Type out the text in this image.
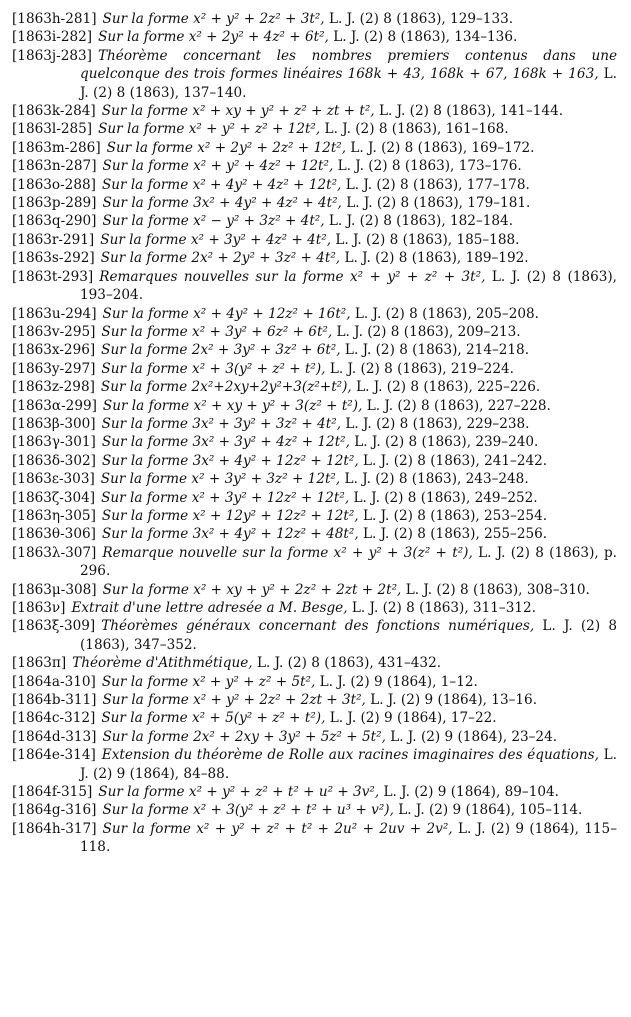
[1863h-281] Sur la forme x² + y² + 2z² + 3t², L. J. (2) 8 (1863), 129–133.

[1863i-282] Sur la forme x² + 2y² + 4z² + 6t², L. J. (2) 8 (1863), 134–136.

[1863j-283] Théorème concernant les nombres premiers contenus dans une quelconque des trois formes linéaires 168k + 43, 168k + 67, 168k + 163, L. J. (2) 8 (1863), 137–140.

[1863k-284] Sur la forme x² + xy + y² + z² + zt + t², L. J. (2) 8 (1863), 141–144.

[1863l-285] Sur la forme x² + y² + z² + 12t², L. J. (2) 8 (1863), 161–168.

[1863m-286] Sur la forme x² + 2y² + 2z² + 12t², L. J. (2) 8 (1863), 169–172.

[1863n-287] Sur la forme x² + y² + 4z² + 12t², L. J. (2) 8 (1863), 173–176.

[1863o-288] Sur la forme x² + 4y² + 4z² + 12t², L. J. (2) 8 (1863), 177–178.

[1863p-289] Sur la forme 3x² + 4y² + 4z² + 4t², L. J. (2) 8 (1863), 179–181.

[1863q-290] Sur la forme x² − y² + 3z² + 4t², L. J. (2) 8 (1863), 182–184.

[1863r-291] Sur la forme x² + 3y² + 4z² + 4t², L. J. (2) 8 (1863), 185–188.

[1863s-292] Sur la forme 2x² + 2y² + 3z² + 4t², L. J. (2) 8 (1863), 189–192.

[1863t-293] Remarques nouvelles sur la forme x² + y² + z² + 3t², L. J. (2) 8 (1863), 193–204.

[1863u-294] Sur la forme x² + 4y² + 12z² + 16t², L. J. (2) 8 (1863), 205–208.

[1863v-295] Sur la forme x² + 3y² + 6z² + 6t², L. J. (2) 8 (1863), 209–213.

[1863x-296] Sur la forme 2x² + 3y² + 3z² + 6t², L. J. (2) 8 (1863), 214–218.

[1863y-297] Sur la forme x² + 3(y² + z² + t²), L. J. (2) 8 (1863), 219–224.

[1863z-298] Sur la forme 2x²+2xy+2y²+3(z²+t²), L. J. (2) 8 (1863), 225–226.

[1863α-299] Sur la forme x² + xy + y² + 3(z² + t²), L. J. (2) 8 (1863), 227–228.

[1863β-300] Sur la forme 3x² + 3y² + 3z² + 4t², L. J. (2) 8 (1863), 229–238.

[1863γ-301] Sur la forme 3x² + 3y² + 4z² + 12t², L. J. (2) 8 (1863), 239–240.

[1863δ-302] Sur la forme 3x² + 4y² + 12z² + 12t², L. J. (2) 8 (1863), 241–242.

[1863ε-303] Sur la forme x² + 3y² + 3z² + 12t², L. J. (2) 8 (1863), 243–248.

[1863ζ-304] Sur la forme x² + 3y² + 12z² + 12t², L. J. (2) 8 (1863), 249–252.

[1863η-305] Sur la forme x² + 12y² + 12z² + 12t², L. J. (2) 8 (1863), 253–254.

[1863θ-306] Sur la forme 3x² + 4y² + 12z² + 48t², L. J. (2) 8 (1863), 255–256.

[1863λ-307] Remarque nouvelle sur la forme x² + y² + 3(z² + t²), L. J. (2) 8 (1863), p. 296.

[1863μ-308] Sur la forme x² + xy + y² + 2z² + 2zt + 2t², L. J. (2) 8 (1863), 308–310.

[1863ν] Extrait d'une lettre adresée a M. Besge, L. J. (2) 8 (1863), 311–312.

[1863ξ-309] Théorèmes généraux concernant des fonctions numériques, L. J. (2) 8 (1863), 347–352.

[1863π] Théorème d'Atithmétique, L. J. (2) 8 (1863), 431–432.

[1864a-310] Sur la forme x² + y² + z² + 5t², L. J. (2) 9 (1864), 1–12.

[1864b-311] Sur la forme x² + y² + 2z² + 2zt + 3t², L. J. (2) 9 (1864), 13–16.

[1864c-312] Sur la forme x² + 5(y² + z² + t²), L. J. (2) 9 (1864), 17–22.

[1864d-313] Sur la forme 2x² + 2xy + 3y² + 5z² + 5t², L. J. (2) 9 (1864), 23–24.

[1864e-314] Extension du théorème de Rolle aux racines imaginaires des équations, L. J. (2) 9 (1864), 84–88.

[1864f-315] Sur la forme x² + y² + z² + t² + u² + 3v², L. J. (2) 9 (1864), 89–104.

[1864g-316] Sur la forme x² + 3(y² + z² + t² + u³ + v²), L. J. (2) 9 (1864), 105–114.

[1864h-317] Sur la forme x² + y² + z² + t² + 2u² + 2uv + 2v², L. J. (2) 9 (1864), 115–118.
